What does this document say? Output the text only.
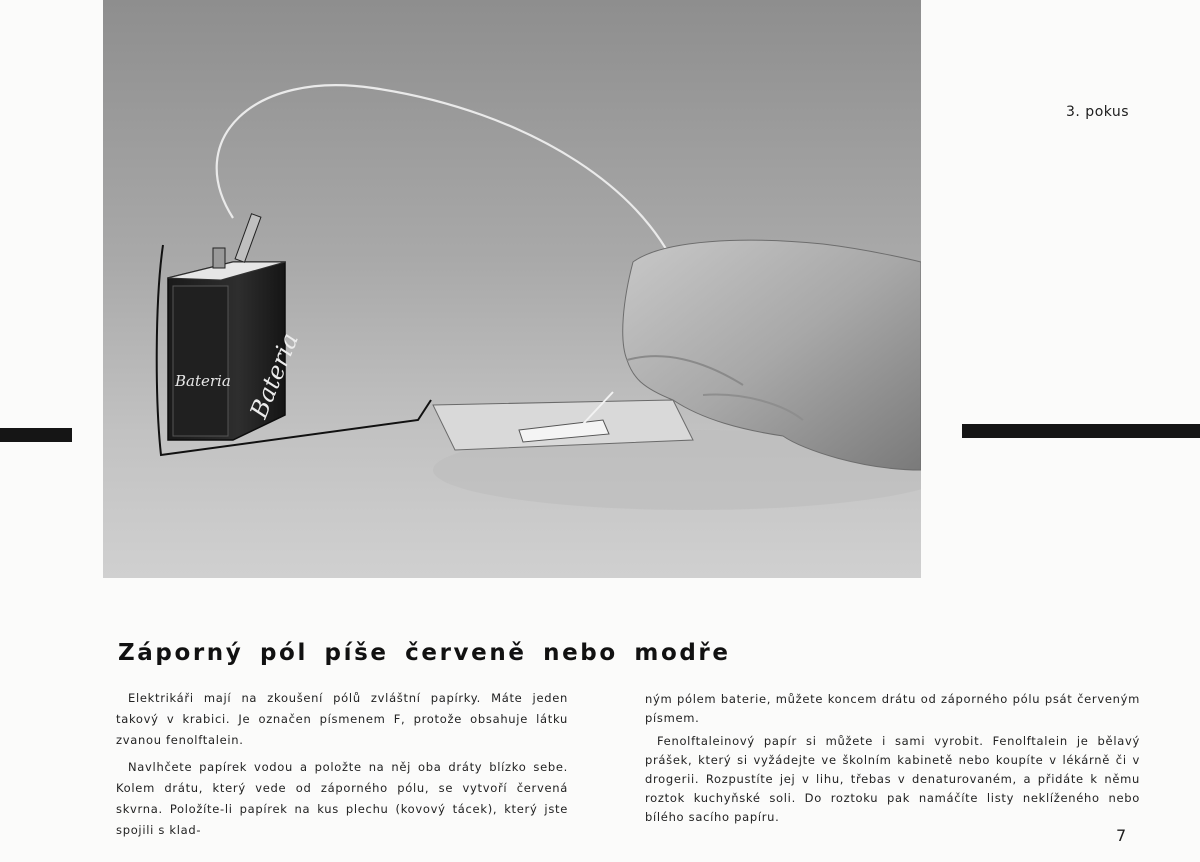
Bateria Bateria
3. pokus
Záporný pól píše červeně nebo modře

Elektrikáři mají na zkoušení pólů zvláštní papírky. Máte jeden takový v krabici. Je označen písmenem F, protože obsahuje látku zvanou fenolftalein.

Navlhčete papírek vodou a položte na něj oba dráty blízko sebe. Kolem drátu, který vede od záporného pólu, se vytvoří červená skvrna. Položíte-li papírek na kus plechu (kovový tácek), který jste spojili s klad-

ným pólem baterie, můžete koncem drátu od záporného pólu psát červeným písmem.

Fenolftaleinový papír si můžete i sami vyrobit. Fenolftalein je bělavý prášek, který si vyžádejte ve školním kabinetě nebo koupíte v lékárně či v drogerii. Rozpustíte jej v lihu, třebas v denaturovaném, a přidáte k němu roztok kuchyňské soli. Do roztoku pak namáčíte listy neklíženého nebo bílého sacího papíru.

7
